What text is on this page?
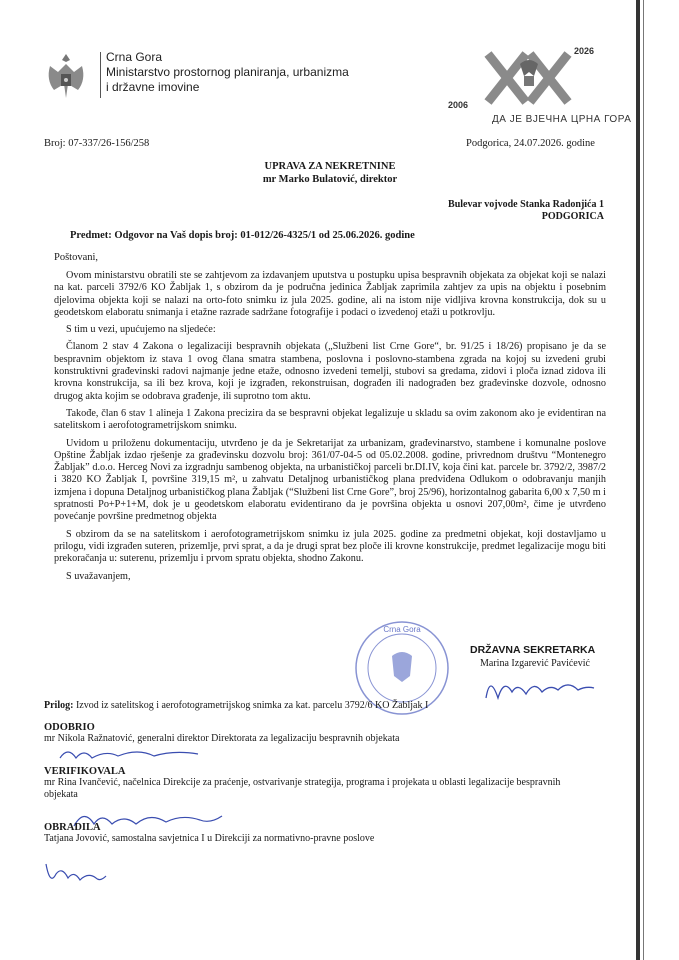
Crna Gora
Ministarstvo prostornog planiranja, urbanizma
i državne imovine
2006
2026
ДА ЈЕ ВЈЕЧНА ЦРНА ГОРА
Broj: 07-337/26-156/258	Podgorica, 24.07.2026. godine
UPRAVA ZA NEKRETNINE
mr Marko Bulatović, direktor
Bulevar vojvode Stanka Radonjića 1
PODGORICA
Predmet: Odgovor na Vaš dopis broj: 01-012/26-4325/1 od 25.06.2026. godine
Poštovani,

Ovom ministarstvu obratili ste se zahtjevom za izdavanjem uputstva u postupku upisa bespravnih objekata za objekat koji se nalazi na kat. parceli 3792/6 KO Žabljak 1, s obzirom da je područna jedinica Žabljak zaprimila zahtjev za upis na objektu i posebnim djelovima objekta koji se nalazi na orto-foto snimku iz jula 2025. godine, ali na istom nije vidljiva krovna konstrukcija, dok su u geodetskom elaboratu snimanja i etažne razrade sadržane fotografije i podaci o izvedenoj etaži u potkrovlju.

S tim u vezi, upućujemo na sljedeće:

Članom 2 stav 4 Zakona o legalizaciji bespravnih objekata („Službeni list Crne Gore“, br. 91/25 i 18/26) propisano je da se bespravnim objektom iz stava 1 ovog člana smatra stambena, poslovna i poslovno-stambena zgrada na kojoj su izvedeni grubi konstruktivni građevinski radovi najmanje jedne etaže, odnosno izvedeni temelji, stubovi sa gredama, zidovi i ploča iznad zidova ili krovna konstrukcija, sa ili bez krova, koji je izgrađen, rekonstruisan, dograđen ili nadograđen bez građevinske dozvole, odnosno drugog akta kojim se odobrava građenje, ili suprotno tom aktu.

Takođe, član 6 stav 1 alineja 1 Zakona precizira da se bespravni objekat legalizuje u skladu sa ovim zakonom ako je evidentiran na satelitskom i aerofotogrametrijskom snimku.

Uvidom u priloženu dokumentaciju, utvrđeno je da je Sekretarijat za urbanizam, građevinarstvo, stambene i komunalne poslove Opštine Žabljak izdao rješenje za građevinsku dozvolu broj: 361/07-04-5 od 05.02.2008. godine, privrednom društvu “Montenegro Žabljak” d.o.o. Herceg Novi za izgradnju sambenog objekta, na urbanističkoj parceli br.DI.IV, koja čini kat. parcele br. 3792/2, 3987/2 i 3820 KO Žabljak I, površine 319,15 m², u zahvatu Detaljnog urbanističkog plana predviđena Odlukom o odobravanju manjih izmjena i dopuna Detaljnog urbanističkog plana Žabljak (“Službeni list Crne Gore”, broj 25/96), horizontalnog gabarita 6,00 x 7,50 m i spratnosti Po+P+1+M, dok je u geodetskom elaboratu evidentirano da je površina objekta u osnovi 207,00m², čime je utvrđeno povećanje površine predmetnog objekta

S obzirom da se na satelitskom i aerofotogrametrijskom snimku iz jula 2025. godine za predmetni objekat, koji dostavljamo u prilogu, vidi izgrađen suteren, prizemlje, prvi sprat, a da je drugi sprat bez ploče ili krovne konstrukcije, predmet legalizacije mogu biti prekoračanja u: suterenu, prizemlju i prvom spratu objekta, shodno Zakonu.

S uvažavanjem,

Crna Gora
DRŽAVNA SEKRETARKA
Marina Izgarević Pavićević
Prilog: Izvod iz satelitskog i aerofotogrametrijskog snimka za kat. parcelu 3792/6 KO Žabljak I
ODOBRIO
mr Nikola Ražnatović, generalni direktor Direktorata za legalizaciju bespravnih objekata
VERIFIKOVALA
mr Rina Ivančević, načelnica Direkcije za praćenje, ostvarivanje strategija, programa i projekata u oblasti legalizacije bespravnih objekata
OBRADILA
Tatjana Jovović, samostalna savjetnica I u Direkciji za normativno-pravne poslove
